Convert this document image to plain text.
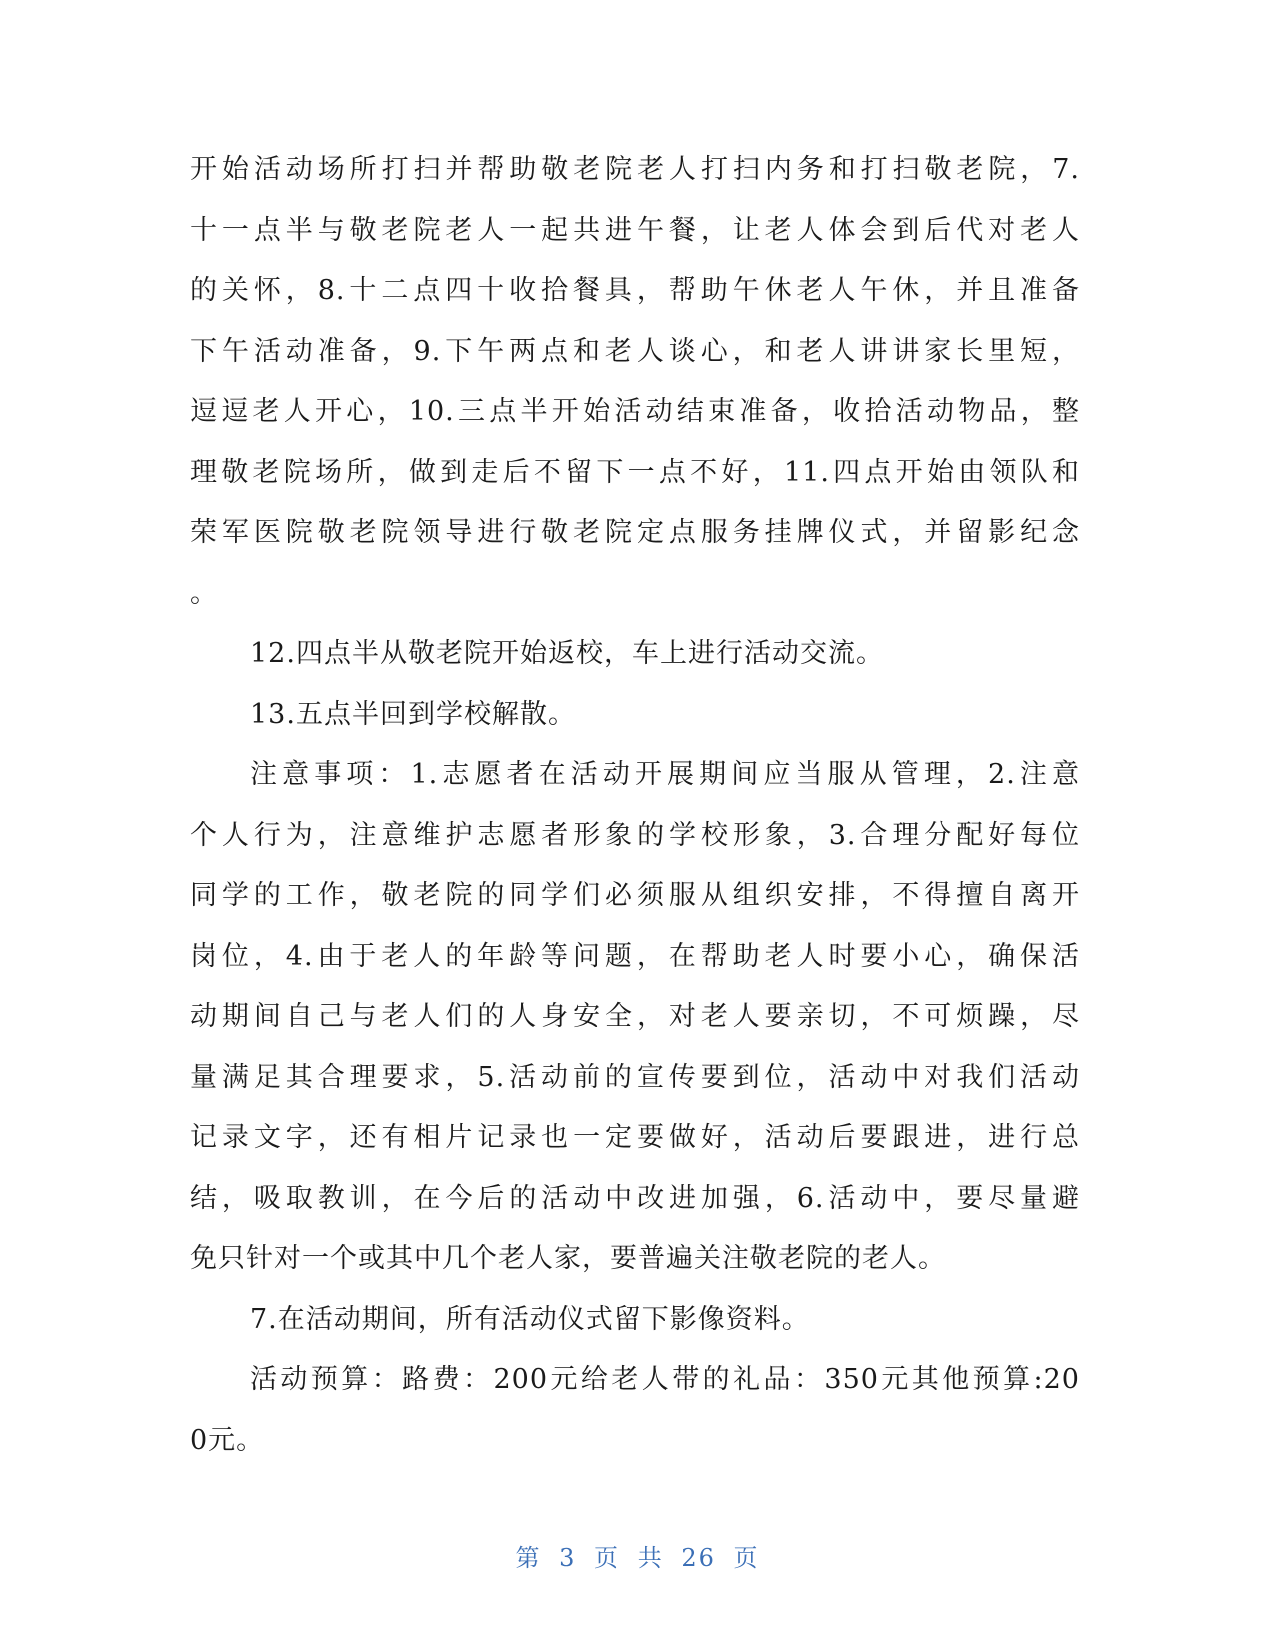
开始活动场所打扫并帮助敬老院老人打扫内务和打扫敬老院，7.
十一点半与敬老院老人一起共进午餐，让老人体会到后代对老人
的关怀，8.十二点四十收拾餐具，帮助午休老人午休，并且准备
下午活动准备，9.下午两点和老人谈心，和老人讲讲家长里短，
逗逗老人开心，10.三点半开始活动结束准备，收拾活动物品，整
理敬老院场所，做到走后不留下一点不好，11.四点开始由领队和
荣军医院敬老院领导进行敬老院定点服务挂牌仪式，并留影纪念
。
12.四点半从敬老院开始返校，车上进行活动交流。
13.五点半回到学校解散。
注意事项：1.志愿者在活动开展期间应当服从管理，2.注意
个人行为，注意维护志愿者形象的学校形象，3.合理分配好每位
同学的工作，敬老院的同学们必须服从组织安排，不得擅自离开
岗位，4.由于老人的年龄等问题，在帮助老人时要小心，确保活
动期间自己与老人们的人身安全，对老人要亲切，不可烦躁，尽
量满足其合理要求，5.活动前的宣传要到位，活动中对我们活动
记录文字，还有相片记录也一定要做好，活动后要跟进，进行总
结，吸取教训，在今后的活动中改进加强，6.活动中，要尽量避
免只针对一个或其中几个老人家，要普遍关注敬老院的老人。
7.在活动期间，所有活动仪式留下影像资料。
活动预算：路费：200元给老人带的礼品：350元其他预算:20
0元。
第 3 页 共 26 页
